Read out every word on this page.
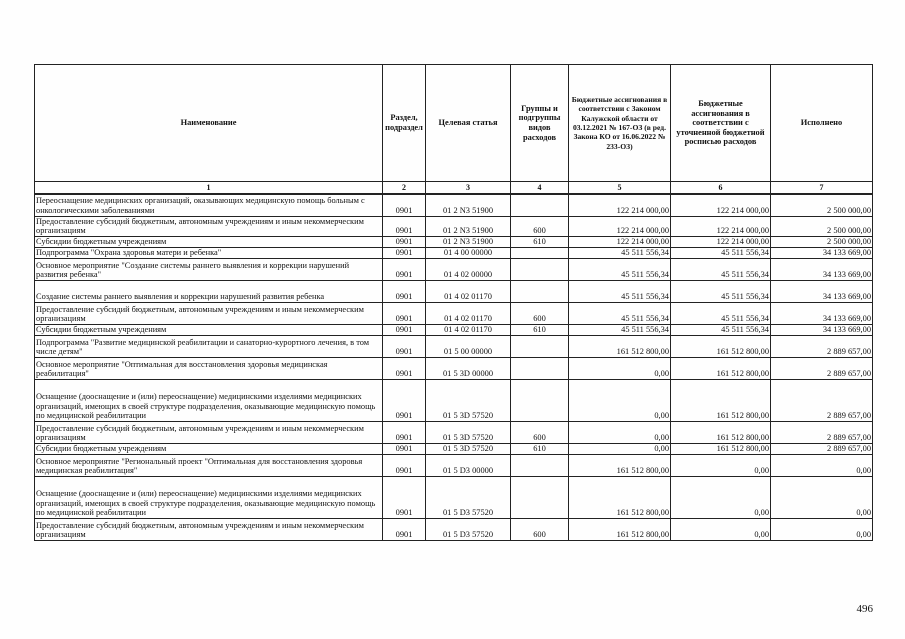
Наименование	Раздел, подраздел	Целевая статья	Группы и подгруппы видов расходов	Бюджетные ассигнования в соответствии с Законом Калужской области от 03.12.2021 № 167-ОЗ (в ред. Закона КО от 16.06.2022 № 233-ОЗ)	Бюджетные ассигнования в соответствии с уточненной бюджетной росписью расходов	Исполнено
1	2	3	4	5	6	7
Переоснащение медицинских организаций, оказывающих медицинскую помощь больным с онкологическими заболеваниями	0901	01 2 N3 51900		122 214 000,00	122 214 000,00	2 500 000,00
Предоставление субсидий бюджетным, автономным учреждениям и иным некоммерческим организациям	0901	01 2 N3 51900	600	122 214 000,00	122 214 000,00	2 500 000,00
Субсидии бюджетным учреждениям	0901	01 2 N3 51900	610	122 214 000,00	122 214 000,00	2 500 000,00
Подпрограмма "Охрана здоровья матери и ребенка"	0901	01 4 00 00000		45 511 556,34	45 511 556,34	34 133 669,00
Основное мероприятие "Создание системы раннего выявления и коррекции нарушений развития ребенка"	0901	01 4 02 00000		45 511 556,34	45 511 556,34	34 133 669,00
Создание системы раннего выявления и коррекции нарушений развития ребенка	0901	01 4 02 01170		45 511 556,34	45 511 556,34	34 133 669,00
Предоставление субсидий бюджетным, автономным учреждениям и иным некоммерческим организациям	0901	01 4 02 01170	600	45 511 556,34	45 511 556,34	34 133 669,00
Субсидии бюджетным учреждениям	0901	01 4 02 01170	610	45 511 556,34	45 511 556,34	34 133 669,00
Подпрограмма "Развитие медицинской реабилитации и санаторно-курортного лечения, в том числе детям"	0901	01 5 00 00000		161 512 800,00	161 512 800,00	2 889 657,00
Основное мероприятие "Оптимальная для восстановления здоровья медицинская реабилитация"	0901	01 5 3D 00000		0,00	161 512 800,00	2 889 657,00
Оснащение (дооснащение и (или) переоснащение) медицинскими изделиями медицинских организаций, имеющих в своей структуре подразделения, оказывающие медицинскую помощь по медицинской реабилитации	0901	01 5 3D 57520		0,00	161 512 800,00	2 889 657,00
Предоставление субсидий бюджетным, автономным учреждениям и иным некоммерческим организациям	0901	01 5 3D 57520	600	0,00	161 512 800,00	2 889 657,00
Субсидии бюджетным учреждениям	0901	01 5 3D 57520	610	0,00	161 512 800,00	2 889 657,00
Основное мероприятие "Региональный проект "Оптимальная для восстановления здоровья медицинская реабилитация"	0901	01 5 D3 00000		161 512 800,00	0,00	0,00
Оснащение (дооснащение и (или) переоснащение) медицинскими изделиями медицинских организаций, имеющих в своей структуре подразделения, оказывающие медицинскую помощь по медицинской реабилитации	0901	01 5 D3 57520		161 512 800,00	0,00	0,00
Предоставление субсидий бюджетным, автономным учреждениям и иным некоммерческим организациям	0901	01 5 D3 57520	600	161 512 800,00	0,00	0,00
496
